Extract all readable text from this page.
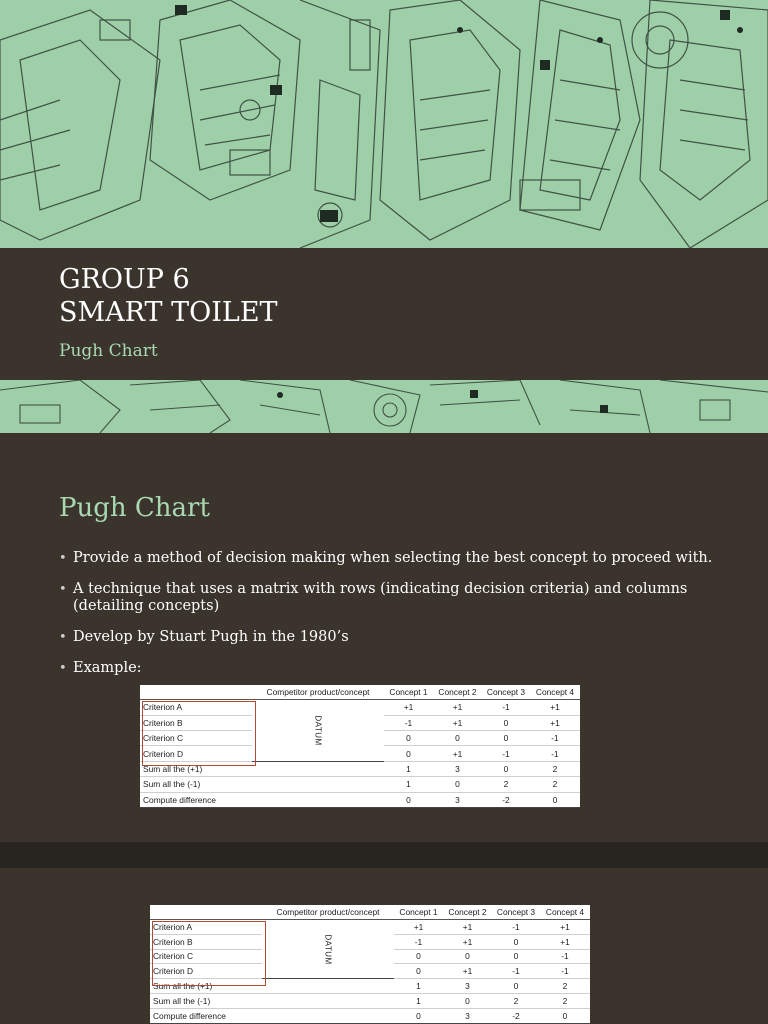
GROUP 6
SMART TOILET
Pugh Chart
Pugh Chart
• Provide a method of decision making when selecting the best concept to proceed with.
• A technique that uses a matrix with rows (indicating decision criteria) and columns (detailing concepts)
• Develop by Stuart Pugh in the 1980’s
• Example:
	Competitor product/concept	Concept 1	Concept 2	Concept 3	Concept 4
Criterion A	DATUM	+1	+1	-1	+1
Criterion B		-1	+1	0	+1
Criterion C		0	0	0	-1
Criterion D		0	+1	-1	-1
Sum all the (+1)		1	3	0	2
Sum all the (-1)		1	0	2	2
Compute difference		0	3	-2	0
	Competitor product/concept	Concept 1	Concept 2	Concept 3	Concept 4
Criterion A	DATUM	+1	+1	-1	+1
Criterion B		-1	+1	0	+1
Criterion C		0	0	0	-1
Criterion D		0	+1	-1	-1
Sum all the (+1)		1	3	0	2
Sum all the (-1)		1	0	2	2
Compute difference		0	3	-2	0
